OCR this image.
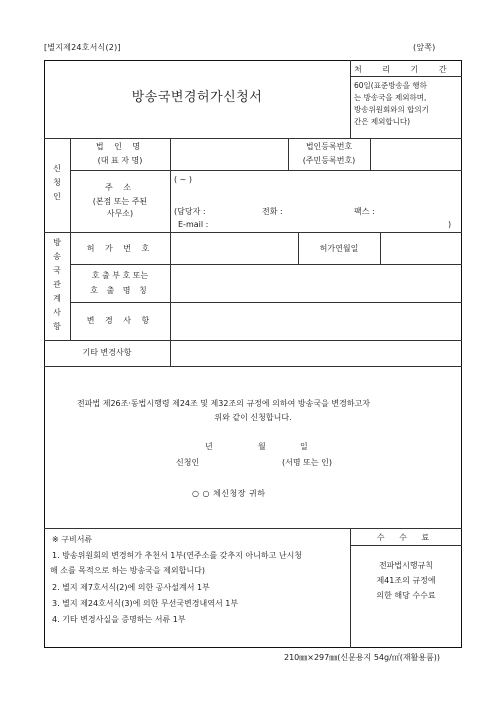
[별지제24호서식(2)]	(앞쪽)
방송국변경허가신청서
처 리 기 간
60일(표준방송을 행하
는 방송국을 제외하며,
방송위원회와의 합의기
간은 제외합니다)
신청인
법 인 명
(대 표 자 명)
법인등록번호
(주민등록번호)
주 소
(본점 또는 주된
사무소)
( ~ )
(담당자 :	전화 :	팩스 :
E-mail :	)
방송국관계사항
허 가 번 호	허가연월일
호 출 부 호 또는
호 출 명 칭
변 경 사 항
기타 변경사항
전파법 제26조·동법시행령 제24조 및 제32조의 규정에 의하여 방송국을 변경하고자
위와 같이 신청합니다.
년	월	일
신청인	(서명 또는 인)
○ ○ 체신청장 귀하
※ 구비서류
1. 방송위원회의 변경허가 추천서 1부(연주소를 갖추지 아니하고 난시청
해 소를 목적으로 하는 방송국을 제외합니다)
2. 별지 제7호서식(2)에 의한 공사설계서 1부
3. 별지 제24호서식(3)에 의한 무선국변경내역서 1부
4. 기타 변경사실을 증명하는 서류 1부
수 수 료
전파법시행규칙
제41조의 규정에
의한 해당 수수료
210㎜×297㎜(신문용지 54g/㎡(재활용품))
